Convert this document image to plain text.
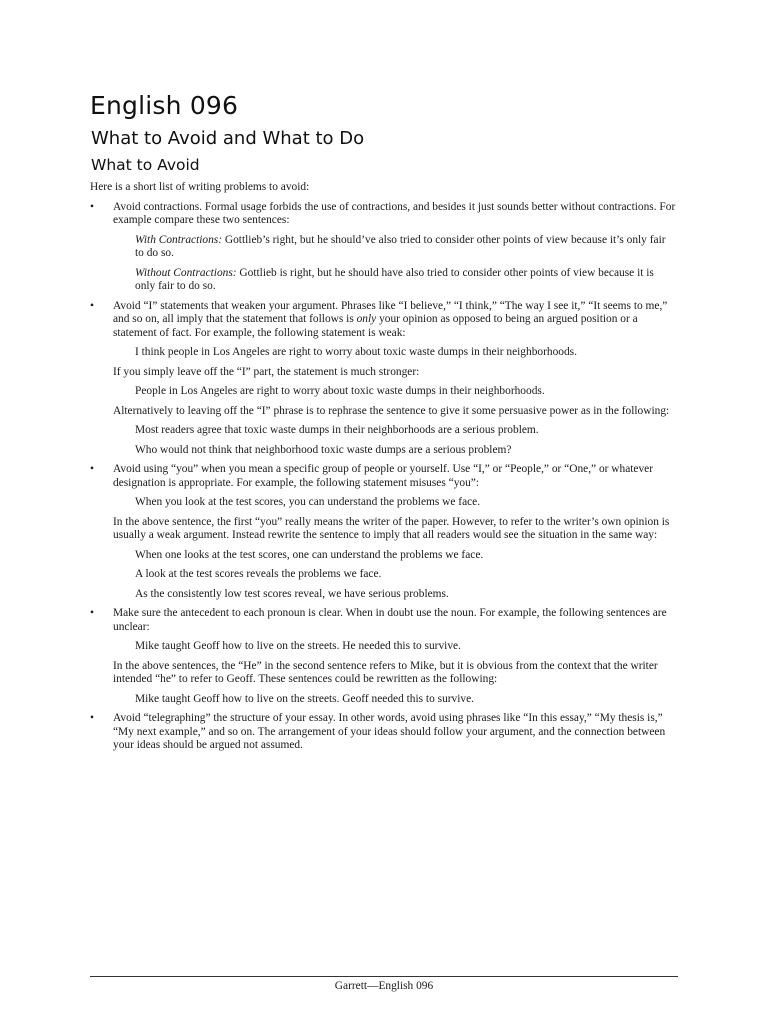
English 096
What to Avoid and What to Do
What to Avoid
Here is a short list of writing problems to avoid:
•	Avoid contractions. Formal usage forbids the use of contractions, and besides it just sounds better without contractions. For example compare these two sentences:
With Contractions: Gottlieb’s right, but he should’ve also tried to consider other points of view because it’s only fair to do so.
Without Contractions: Gottlieb is right, but he should have also tried to consider other points of view because it is only fair to do so.
•	Avoid “I” statements that weaken your argument. Phrases like “I believe,” “I think,” “The way I see it,” “It seems to me,” and so on, all imply that the statement that follows is only your opinion as opposed to being an argued position or a statement of fact. For example, the following statement is weak:
I think people in Los Angeles are right to worry about toxic waste dumps in their neighborhoods.
If you simply leave off the “I” part, the statement is much stronger:
People in Los Angeles are right to worry about toxic waste dumps in their neighborhoods.
Alternatively to leaving off the “I” phrase is to rephrase the sentence to give it some persuasive power as in the following:
Most readers agree that toxic waste dumps in their neighborhoods are a serious problem.
Who would not think that neighborhood toxic waste dumps are a serious problem?
•	Avoid using “you” when you mean a specific group of people or yourself. Use “I,” or “People,” or “One,” or whatever designation is appropriate. For example, the following statement misuses “you”:
When you look at the test scores, you can understand the problems we face.
In the above sentence, the first “you” really means the writer of the paper. However, to refer to the writer’s own opinion is usually a weak argument. Instead rewrite the sentence to imply that all readers would see the situation in the same way:
When one looks at the test scores, one can understand the problems we face.
A look at the test scores reveals the problems we face.
As the consistently low test scores reveal, we have serious problems.
•	Make sure the antecedent to each pronoun is clear. When in doubt use the noun. For example, the following sentences are unclear:
Mike taught Geoff how to live on the streets. He needed this to survive.
In the above sentences, the “He” in the second sentence refers to Mike, but it is obvious from the context that the writer intended “he” to refer to Geoff. These sentences could be rewritten as the following:
Mike taught Geoff how to live on the streets. Geoff needed this to survive.
•	Avoid “telegraphing” the structure of your essay. In other words, avoid using phrases like “In this essay,” “My thesis is,” “My next example,” and so on. The arrangement of your ideas should follow your argument, and the connection between your ideas should be argued not assumed.
Garrett—English 096
